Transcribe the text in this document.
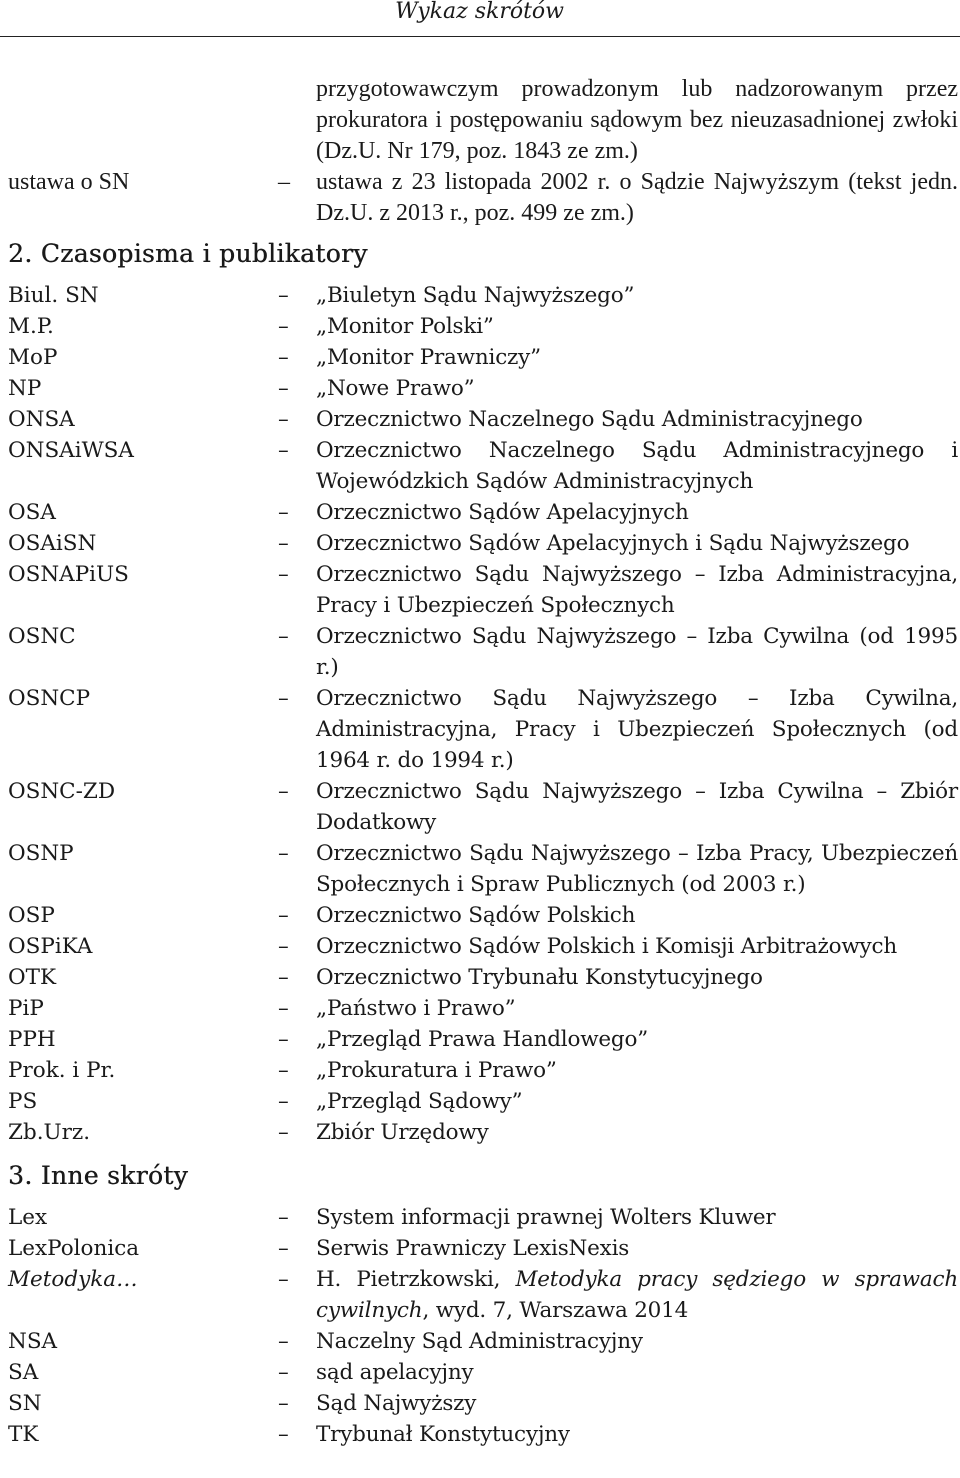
Wykaz skrótów
przygotowawczym prowadzonym lub nadzorowanym przez prokuratora i postępowaniu sądowym bez nieuzasadnionej zwłoki (Dz.U. Nr 179, poz. 1843 ze zm.)
ustawa o SN	–	ustawa z 23 listopada 2002 r. o Sądzie Najwyższym (tekst jedn. Dz.U. z 2013 r., poz. 499 ze zm.)
2. Czasopisma i publikatory
Biul. SN	–	„Biuletyn Sądu Najwyższego”
M.P.	–	„Monitor Polski”
MoP	–	„Monitor Prawniczy”
NP	–	„Nowe Prawo”
ONSA	–	Orzecznictwo Naczelnego Sądu Administracyjnego
ONSAiWSA	–	Orzecznictwo Naczelnego Sądu Administracyjnego i Wojewódzkich Sądów Administracyjnych
OSA	–	Orzecznictwo Sądów Apelacyjnych
OSAiSN	–	Orzecznictwo Sądów Apelacyjnych i Sądu Najwyższego
OSNAPiUS	–	Orzecznictwo Sądu Najwyższego – Izba Administracyjna, Pracy i Ubezpieczeń Społecznych
OSNC	–	Orzecznictwo Sądu Najwyższego – Izba Cywilna (od 1995 r.)
OSNCP	–	Orzecznictwo Sądu Najwyższego – Izba Cywilna, Administracyjna, Pracy i Ubezpieczeń Społecznych (od 1964 r. do 1994 r.)
OSNC-ZD	–	Orzecznictwo Sądu Najwyższego – Izba Cywilna – Zbiór Dodatkowy
OSNP	–	Orzecznictwo Sądu Najwyższego – Izba Pracy, Ubezpieczeń Społecznych i Spraw Publicznych (od 2003 r.)
OSP	–	Orzecznictwo Sądów Polskich
OSPiKA	–	Orzecznictwo Sądów Polskich i Komisji Arbitrażowych
OTK	–	Orzecznictwo Trybunału Konstytucyjnego
PiP	–	„Państwo i Prawo”
PPH	–	„Przegląd Prawa Handlowego”
Prok. i Pr.	–	„Prokuratura i Prawo”
PS	–	„Przegląd Sądowy”
Zb.Urz.	–	Zbiór Urzędowy
3. Inne skróty
Lex	–	System informacji prawnej Wolters Kluwer
LexPolonica	–	Serwis Prawniczy LexisNexis
Metodyka…	–	H. Pietrzkowski, Metodyka pracy sędziego w sprawach cywilnych, wyd. 7, Warszawa 2014
NSA	–	Naczelny Sąd Administracyjny
SA	–	sąd apelacyjny
SN	–	Sąd Najwyższy
TK	–	Trybunał Konstytucyjny
